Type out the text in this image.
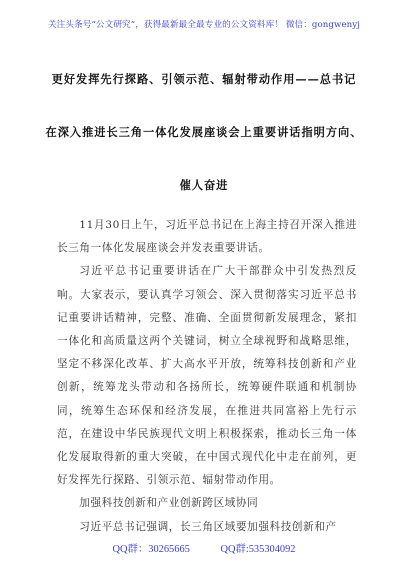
关注头条号“公文研究”，获得最新最全最专业的公文资料库！ 微信：gongwenyj
更好发挥先行探路、引领示范、辐射带动作用——总书记
在深入推进长三角一体化发展座谈会上重要讲话指明方向、
催人奋进

11月30日上午，习近平总书记在上海主持召开深入推进长三角一体化发展座谈会并发表重要讲话。

习近平总书记重要讲话在广大干部群众中引发热烈反响。大家表示，要认真学习领会、深入贯彻落实习近平总书记重要讲话精神，完整、准确、全面贯彻新发展理念，紧扣一体化和高质量这两个关键词，树立全球视野和战略思维，坚定不移深化改革、扩大高水平开放，统筹科技创新和产业创新，统筹龙头带动和各扬所长，统筹硬件联通和机制协同，统筹生态环保和经济发展，在推进共同富裕上先行示范，在建设中华民族现代文明上积极探索，推动长三角一体化发展取得新的重大突破，在中国式现代化中走在前列，更好发挥先行探路、引领示范、辐射带动作用。

加强科技创新和产业创新跨区域协同

习近平总书记强调，长三角区域要加强科技创新和产

QQ群：30265665	QQ群:535304092
